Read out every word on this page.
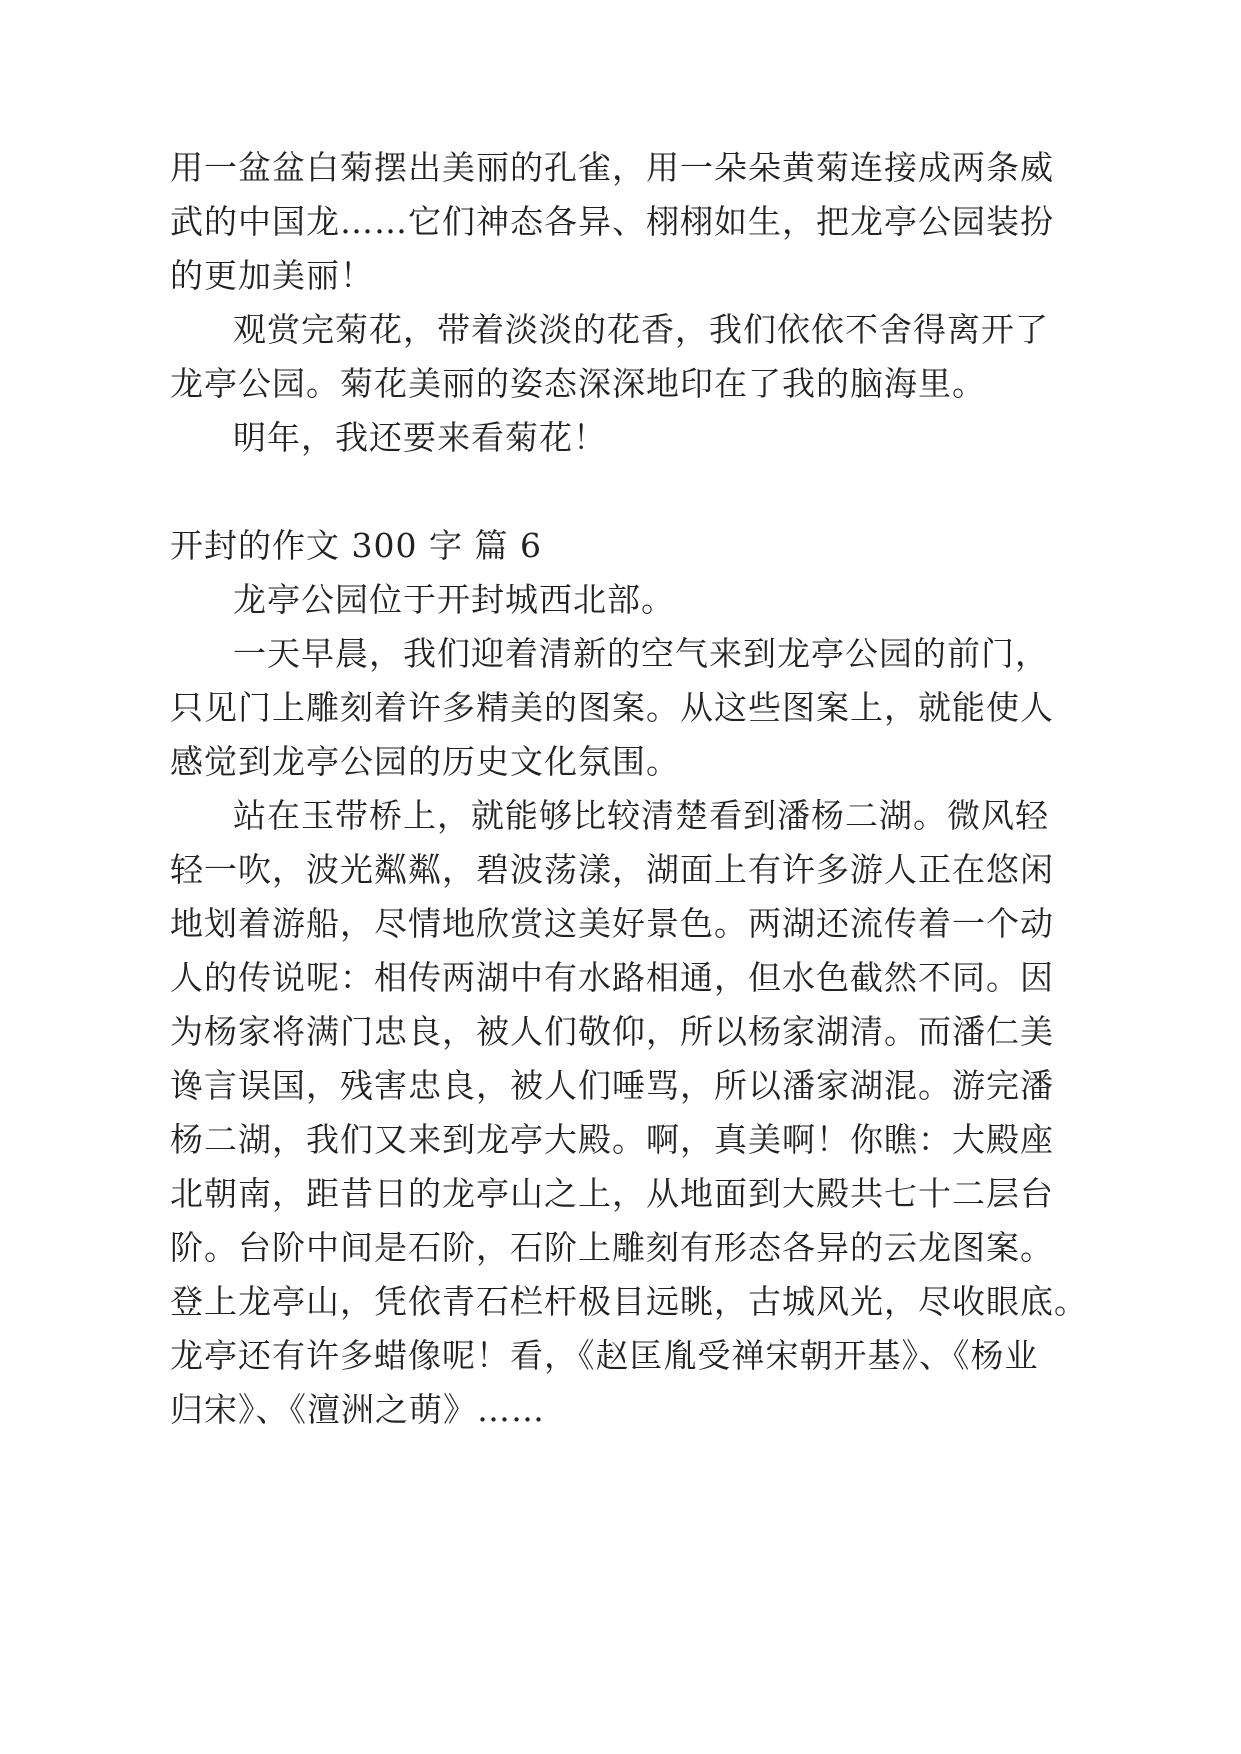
用一盆盆白菊摆出美丽的孔雀，用一朵朵黄菊连接成两条威
武的中国龙……它们神态各异、栩栩如生，把龙亭公园装扮
的更加美丽！
观赏完菊花，带着淡淡的花香，我们依依不舍得离开了
龙亭公园。菊花美丽的姿态深深地印在了我的脑海里。
明年，我还要来看菊花！
开封的作文 300 字 篇 6
龙亭公园位于开封城西北部。
一天早晨，我们迎着清新的空气来到龙亭公园的前门，
只见门上雕刻着许多精美的图案。从这些图案上，就能使人
感觉到龙亭公园的历史文化氛围。
站在玉带桥上，就能够比较清楚看到潘杨二湖。微风轻
轻一吹，波光粼粼，碧波荡漾，湖面上有许多游人正在悠闲
地划着游船，尽情地欣赏这美好景色。两湖还流传着一个动
人的传说呢：相传两湖中有水路相通，但水色截然不同。因
为杨家将满门忠良，被人们敬仰，所以杨家湖清。而潘仁美
谗言误国，残害忠良，被人们唾骂，所以潘家湖混。游完潘
杨二湖，我们又来到龙亭大殿。啊，真美啊！你瞧：大殿座
北朝南，距昔日的龙亭山之上，从地面到大殿共七十二层台
阶。台阶中间是石阶，石阶上雕刻有形态各异的云龙图案。
登上龙亭山，凭依青石栏杆极目远眺，古城风光，尽收眼底。
龙亭还有许多蜡像呢！看，《赵匡胤受禅宋朝开基》、《杨业
归宋》、《澶洲之萌》……
